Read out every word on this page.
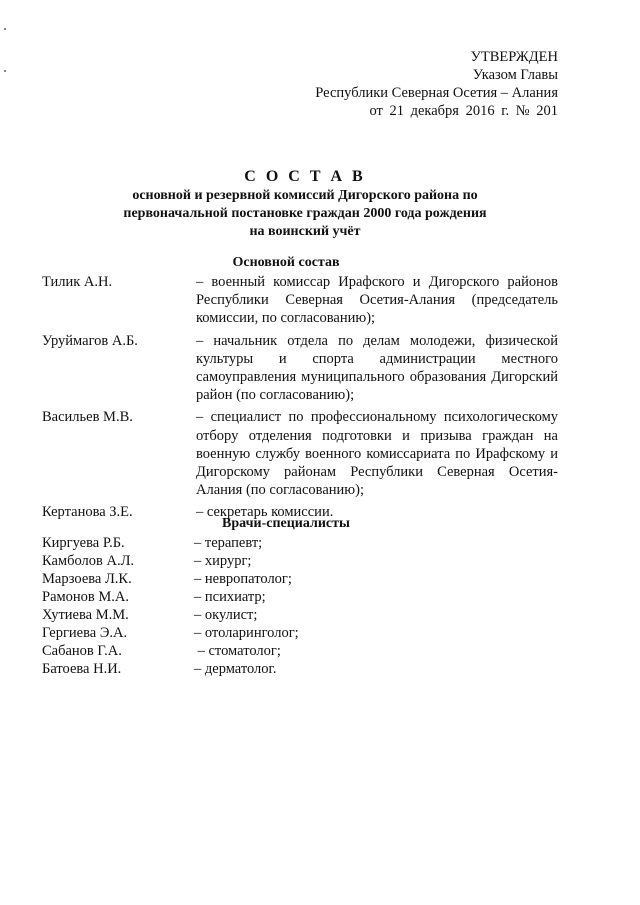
УТВЕРЖДЕН
Указом Главы
Республики Северная Осетия – Алания
от 21 декабря 2016 г. № 201
С О С Т А В
основной и резервной комиссий Дигорского района по
первоначальной постановке граждан 2000 года рождения
на воинский учёт
Основной состав
Тилик А.Н.	– военный комиссар Ирафского и Дигорского районов Республики Северная Осетия-Алания (председатель комиссии, по согласованию);
Уруймагов А.Б.	– начальник отдела по делам молодежи, физической культуры и спорта администрации местного самоуправления муниципального образования Дигорский район (по согласованию);
Васильев М.В.	– специалист по профессиональному психологическому отбору отделения подготовки и призыва граждан на военную службу военного комиссариата по Ирафскому и Дигорскому районам Республики Северная Осетия-Алания (по согласованию);
Кертанова З.Е.	– секретарь комиссии.
Врачи-специалисты
Киргуева Р.Б.	– терапевт;
Камболов А.Л.	– хирург;
Марзоева Л.К.	– невропатолог;
Рамонов М.А.	– психиатр;
Хутиева М.М.	– окулист;
Гергиева Э.А.	– отоларинголог;
Сабанов Г.А.	– стоматолог;
Батоева Н.И.	– дерматолог.
